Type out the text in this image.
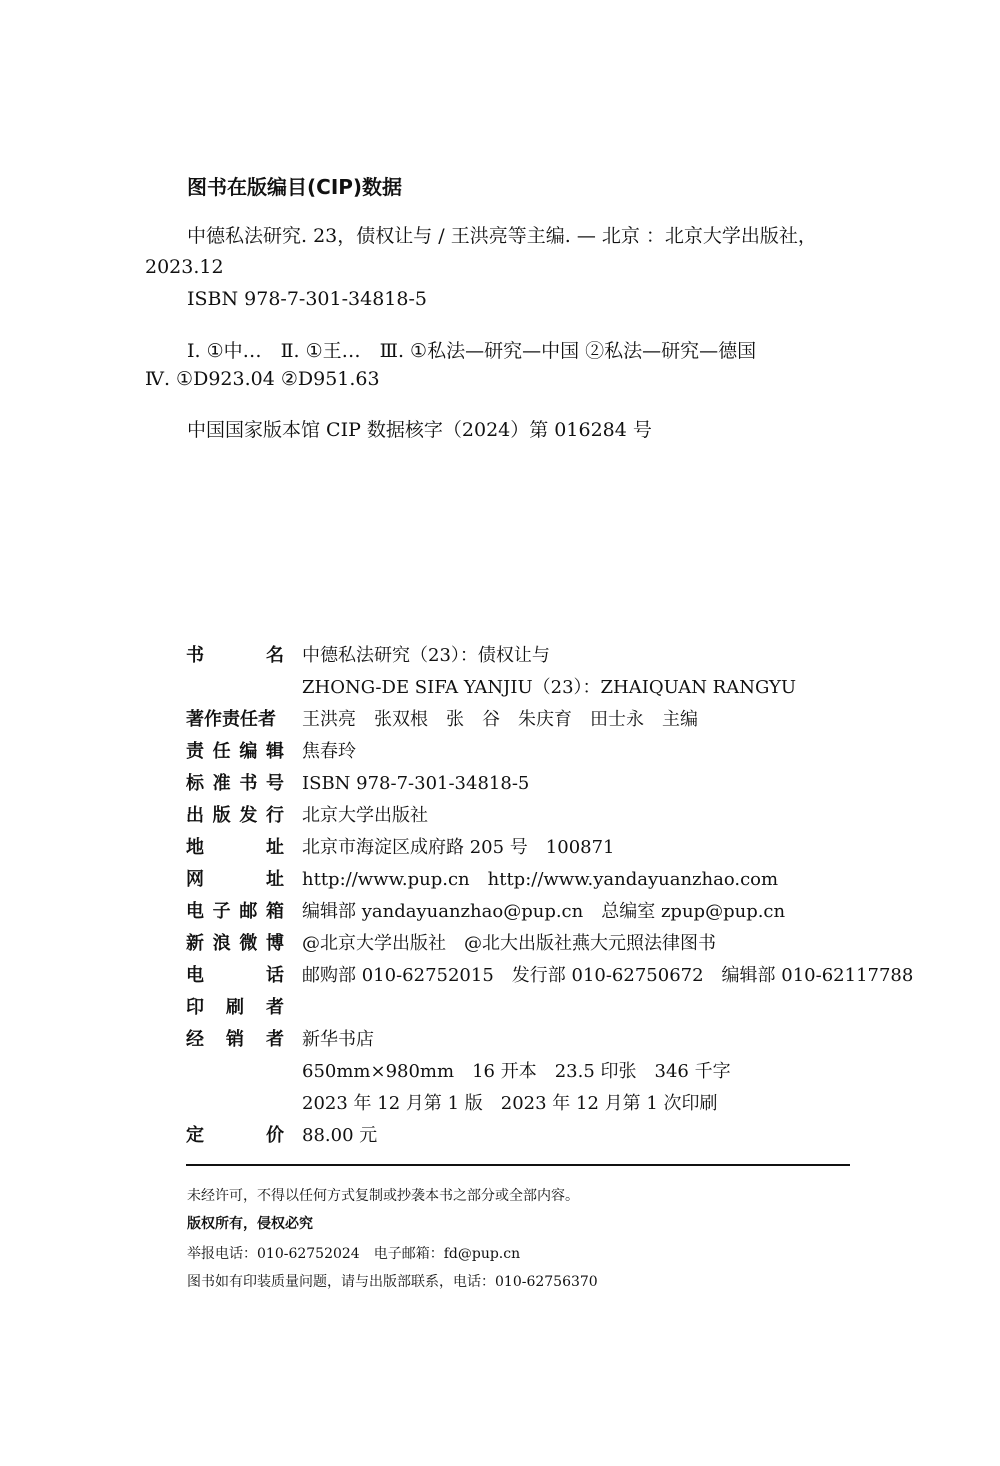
图书在版编目(CIP)数据
中德私法研究. 23，债权让与 / 王洪亮等主编. — 北京 ：北京大学出版社，
2023.12
ISBN 978-7-301-34818-5
Ⅰ. ①中…　Ⅱ. ①王…　Ⅲ. ①私法—研究—中国 ②私法—研究—德国
Ⅳ. ①D923.04 ②D951.63
中国国家版本馆 CIP 数据核字（2024）第 016284 号
书	名 中德私法研究（23）：债权让与
ZHONG-DE SIFA YANJIU（23）：ZHAIQUAN RANGYU
著作责任者	王洪亮　张双根　张　谷　朱庆育　田士永　主编
责 任 编 辑 焦春玲
标 准 书 号 ISBN 978-7-301-34818-5
出 版 发 行 北京大学出版社
地	址 北京市海淀区成府路 205 号　100871
网	址 http://www.pup.cn　http://www.yandayuanzhao.com
电 子 邮 箱 编辑部 yandayuanzhao@pup.cn　总编室 zpup@pup.cn
新 浪 微 博 @北京大学出版社　@北大出版社燕大元照法律图书
电	话 邮购部 010-62752015　发行部 010-62750672　编辑部 010-62117788
印 刷 者
经 销 者 新华书店
650mm×980mm　16 开本　23.5 印张　346 千字
2023 年 12 月第 1 版　2023 年 12 月第 1 次印刷
定	价 88.00 元
未经许可，不得以任何方式复制或抄袭本书之部分或全部内容。
版权所有，侵权必究
举报电话：010-62752024　电子邮箱：fd@pup.cn
图书如有印装质量问题，请与出版部联系，电话：010-62756370
